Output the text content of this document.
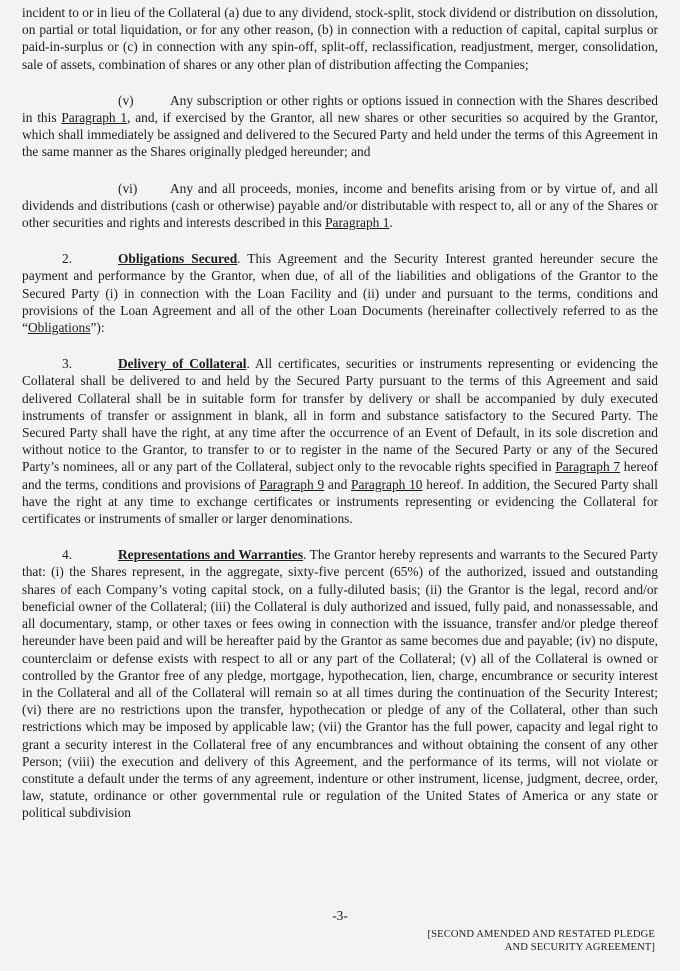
incident to or in lieu of the Collateral (a) due to any dividend, stock-split, stock dividend or distribution on dissolution, on partial or total liquidation, or for any other reason, (b) in connection with a reduction of capital, capital surplus or paid-in-surplus or (c) in connection with any spin-off, split-off, reclassification, readjustment, merger, consolidation, sale of assets, combination of shares or any other plan of distribution affecting the Companies;

(v)	Any subscription or other rights or options issued in connection with the Shares described in this Paragraph 1, and, if exercised by the Grantor, all new shares or other securities so acquired by the Grantor, which shall immediately be assigned and delivered to the Secured Party and held under the terms of this Agreement in the same manner as the Shares originally pledged hereunder; and

(vi) Any and all proceeds, monies, income and benefits arising from or by virtue of, and all dividends and distributions (cash or otherwise) payable and/or distributable with respect to, all or any of the Shares or other securities and rights and interests described in this Paragraph 1.

2.	Obligations Secured. This Agreement and the Security Interest granted hereunder secure the payment and performance by the Grantor, when due, of all of the liabilities and obligations of the Grantor to the Secured Party (i) in connection with the Loan Facility and (ii) under and pursuant to the terms, conditions and provisions of the Loan Agreement and all of the other Loan Documents (hereinafter collectively referred to as the “Obligations”):

3.	Delivery of Collateral. All certificates, securities or instruments representing or evidencing the Collateral shall be delivered to and held by the Secured Party pursuant to the terms of this Agreement and said delivered Collateral shall be in suitable form for transfer by delivery or shall be accompanied by duly executed instruments of transfer or assignment in blank, all in form and substance satisfactory to the Secured Party. The Secured Party shall have the right, at any time after the occurrence of an Event of Default, in its sole discretion and without notice to the Grantor, to transfer to or to register in the name of the Secured Party or any of the Secured Party’s nominees, all or any part of the Collateral, subject only to the revocable rights specified in Paragraph 7 hereof and the terms, conditions and provisions of Paragraph 9 and Paragraph 10 hereof. In addition, the Secured Party shall have the right at any time to exchange certificates or instruments representing or evidencing the Collateral for certificates or instruments of smaller or larger denominations.

4.	Representations and Warranties. The Grantor hereby represents and warrants to the Secured Party that: (i) the Shares represent, in the aggregate, sixty-five percent (65%) of the authorized, issued and outstanding shares of each Company’s voting capital stock, on a fully-diluted basis; (ii) the Grantor is the legal, record and/or beneficial owner of the Collateral; (iii) the Collateral is duly authorized and issued, fully paid, and nonassessable, and all documentary, stamp, or other taxes or fees owing in connection with the issuance, transfer and/or pledge thereof hereunder have been paid and will be hereafter paid by the Grantor as same becomes due and payable; (iv) no dispute, counterclaim or defense exists with respect to all or any part of the Collateral; (v) all of the Collateral is owned or controlled by the Grantor free of any pledge, mortgage, hypothecation, lien, charge, encumbrance or security interest in the Collateral and all of the Collateral will remain so at all times during the continuation of the Security Interest; (vi) there are no restrictions upon the transfer, hypothecation or pledge of any of the Collateral, other than such restrictions which may be imposed by applicable law; (vii) the Grantor has the full power, capacity and legal right to grant a security interest in the Collateral free of any encumbrances and without obtaining the consent of any other Person; (viii) the execution and delivery of this Agreement, and the performance of its terms, will not violate or constitute a default under the terms of any agreement, indenture or other instrument, license, judgment, decree, order, law, statute, ordinance or other governmental rule or regulation of the United States of America or any state or political subdivision

-3-
[SECOND AMENDED AND RESTATED PLEDGE
AND SECURITY AGREEMENT]
